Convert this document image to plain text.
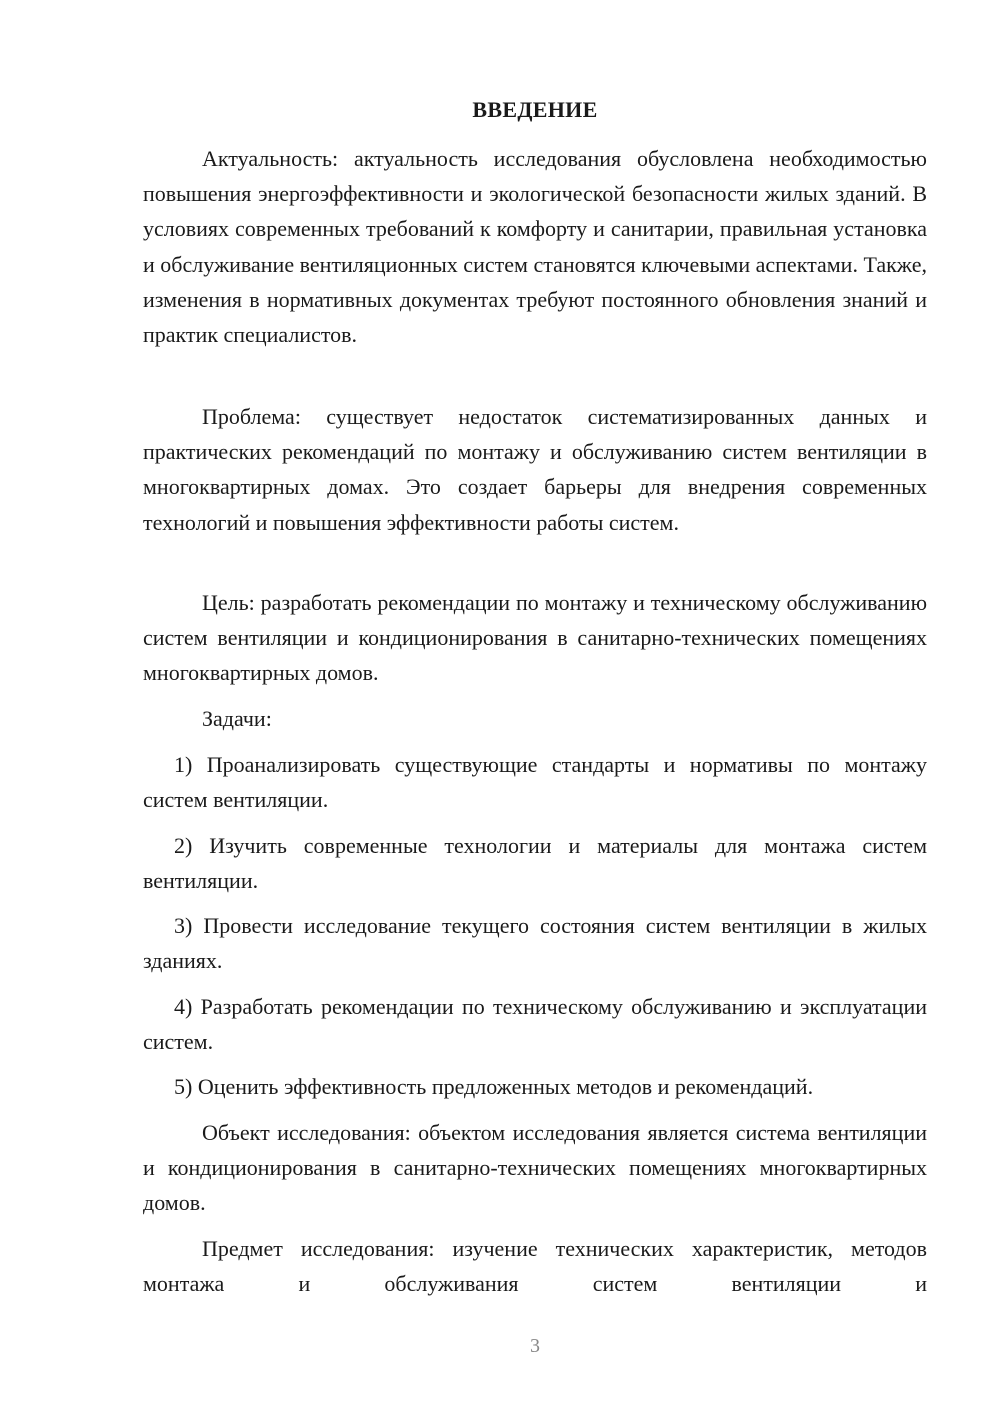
ВВЕДЕНИЕ

Актуальность: актуальность исследования обусловлена необходимостью повышения энергоэффективности и экологической безопасности жилых зданий. В условиях современных требований к комфорту и санитарии, правильная установка и обслуживание вентиляционных систем становятся ключевыми аспектами. Также, изменения в нормативных документах требуют постоянного обновления знаний и практик специалистов.

Проблема: существует недостаток систематизированных данных и практических рекомендаций по монтажу и обслуживанию систем вентиляции в многоквартирных домах. Это создает барьеры для внедрения современных технологий и повышения эффективности работы систем.

Цель: разработать рекомендации по монтажу и техническому обслуживанию систем вентиляции и кондиционирования в санитарно-технических помещениях многоквартирных домов.

Задачи:

1) Проанализировать существующие стандарты и нормативы по монтажу систем вентиляции.

2) Изучить современные технологии и материалы для монтажа систем вентиляции.

3) Провести исследование текущего состояния систем вентиляции в жилых зданиях.

4) Разработать рекомендации по техническому обслуживанию и эксплуатации систем.

5) Оценить эффективность предложенных методов и рекомендаций.

Объект исследования: объектом исследования является система вентиляции и кондиционирования в санитарно-технических помещениях многоквартирных домов.

Предмет исследования: изучение технических характеристик, методов монтажа и обслуживания систем вентиляции и

3
